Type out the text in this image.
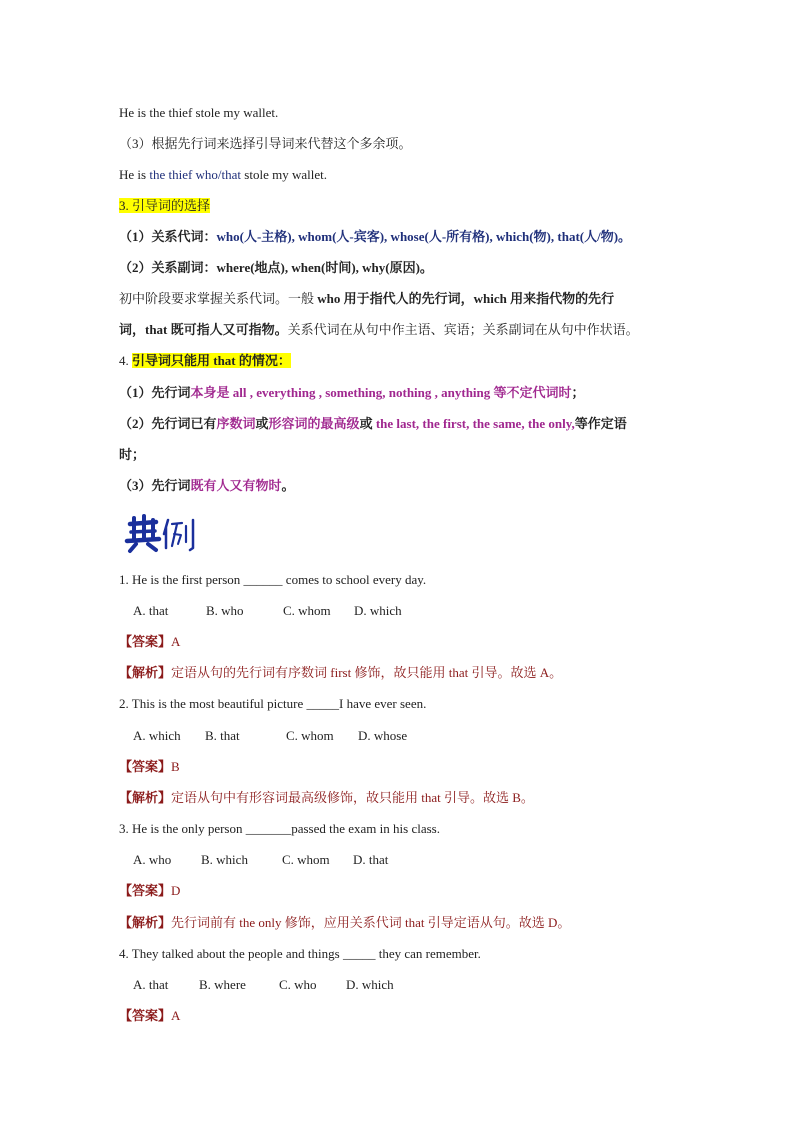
He is the thief stole my wallet.
（3）根据先行词来选择引导词来代替这个多余项。
He is the thief who/that stole my wallet.
3. 引导词的选择
（1）关系代词：who(人-主格), whom(人-宾客), whose(人-所有格), which(物), that(人/物)。
（2）关系副词：where(地点), when(时间), why(原因)。
初中阶段要求掌握关系代词。一般 who 用于指代人的先行词，which 用来指代物的先行
词，that 既可指人又可指物。关系代词在从句中作主语、宾语；关系副词在从句中作状语。
4. 引导词只能用 that 的情况：
（1）先行词本身是 all , everything , something, nothing , anything 等不定代词时；
（2）先行词已有序数词或形容词的最高级或 the last, the first, the same, the only,等作定语
时；
（3）先行词既有人又有物时。
1. He is the first person ______ comes to school every day.
A. that	B. who	C. whom D. which
【答案】A
【解析】定语从句的先行词有序数词 first 修饰，故只能用 that 引导。故选 A。
2. This is the most beautiful picture _____I have ever seen.
A. which B. that	C. whom D. whose
【答案】B
【解析】定语从句中有形容词最高级修饰，故只能用 that 引导。故选 B。
3. He is the only person _______passed the exam in his class.
A. who B. which	C. whom D. that
【答案】D
【解析】先行词前有 the only 修饰，应用关系代词 that 引导定语从句。故选 D。
4. They talked about the people and things _____ they can remember.
A. that B. where	C. who D. which
【答案】A
